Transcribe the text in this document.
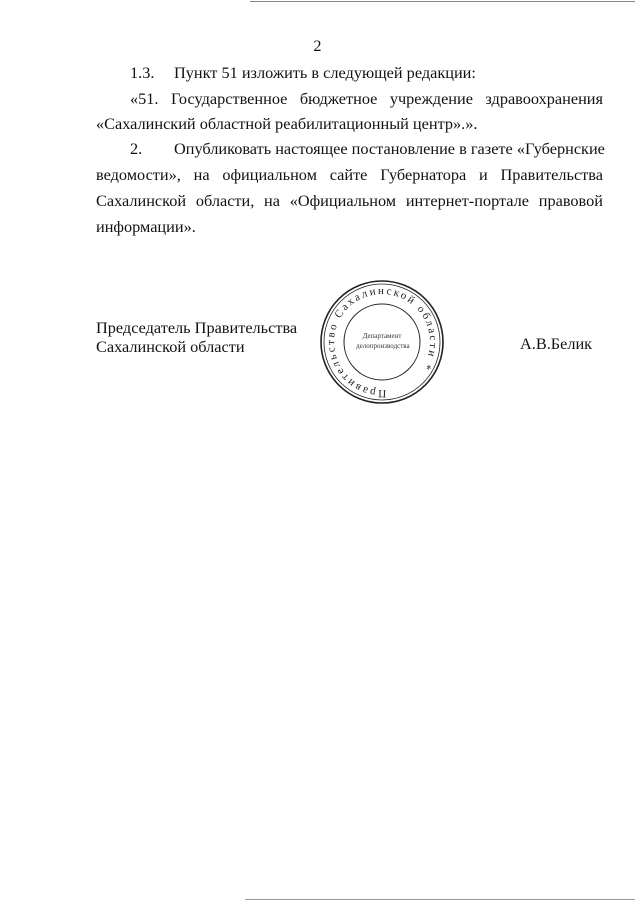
2
1.3. Пункт 51 изложить в следующей редакции:
«51. Государственное бюджетное учреждение здравоохранения
«Сахалинский областной реабилитационный центр».».
2. Опубликовать настоящее постановление в газете «Губернские
ведомости», на официальном сайте Губернатора и Правительства
Сахалинской области, на «Официальном интернет-портале правовой
информации».
Председатель Правительства
Сахалинской области	А.В.Белик
Правительство Сахалинской области *
Департамент делопроизводства
